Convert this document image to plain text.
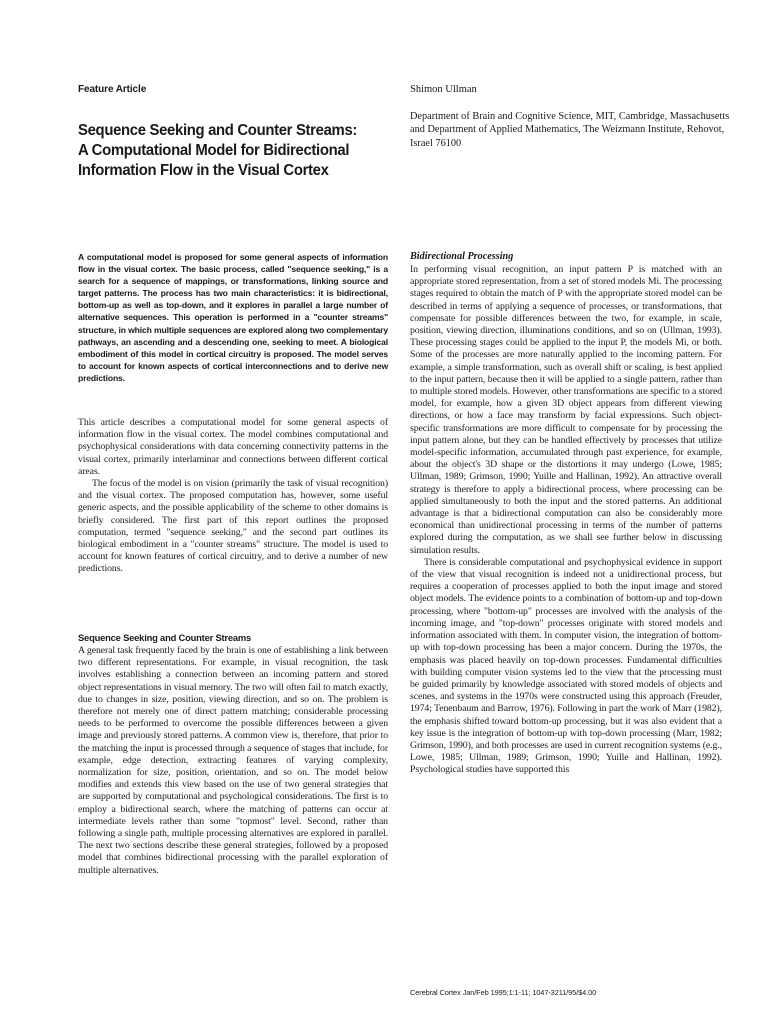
Feature Article
Sequence Seeking and Counter Streams: A Computational Model for Bidirectional Information Flow in the Visual Cortex
Shimon Ullman

Department of Brain and Cognitive Science, MIT, Cambridge, Massachusetts and Department of Applied Mathematics, The Weizmann Institute, Rehovot, Israel 76100

A computational model is proposed for some general aspects of information flow in the visual cortex. The basic process, called "sequence seeking," is a search for a sequence of mappings, or transformations, linking source and target patterns. The process has two main characteristics: it is bidirectional, bottom-up as well as top-down, and it explores in parallel a large number of alternative sequences. This operation is performed in a "counter streams" structure, in which multiple sequences are explored along two complementary pathways, an ascending and a descending one, seeking to meet. A biological embodiment of this model in cortical circuitry is proposed. The model serves to account for known aspects of cortical interconnections and to derive new predictions.

This article describes a computational model for some general aspects of information flow in the visual cortex. The model combines computational and psychophysical considerations with data concerning connectivity patterns in the visual cortex, primarily interlaminar and connections between different cortical areas.

The focus of the model is on vision (primarily the task of visual recognition) and the visual cortex. The proposed computation has, however, some useful generic aspects, and the possible applicability of the scheme to other domains is briefly considered. The first part of this report outlines the proposed computation, termed "sequence seeking," and the second part outlines its biological embodiment in a "counter streams" structure. The model is used to account for known features of cortical circuitry, and to derive a number of new predictions.

Sequence Seeking and Counter Streams

A general task frequently faced by the brain is one of establishing a link between two different representations. For example, in visual recognition, the task involves establishing a connection between an incoming pattern and stored object representations in visual memory. The two will often fail to match exactly, due to changes in size, position, viewing direction, and so on. The problem is therefore not merely one of direct pattern matching; considerable processing needs to be performed to overcome the possible differences between a given image and previously stored patterns. A common view is, therefore, that prior to the matching the input is processed through a sequence of stages that include, for example, edge detection, extracting features of varying complexity, normalization for size, position, orientation, and so on. The model below modifies and extends this view based on the use of two general strategies that are supported by computational and psychological considerations. The first is to employ a bidirectional search, where the matching of patterns can occur at intermediate levels rather than some "topmost" level. Second, rather than following a single path, multiple processing alternatives are explored in parallel. The next two sections describe these general strategies, followed by a proposed model that combines bidirectional processing with the parallel exploration of multiple alternatives.

Bidirectional Processing

In performing visual recognition, an input pattern P is matched with an appropriate stored representation, from a set of stored models Mi. The processing stages required to obtain the match of P with the appropriate stored model can be described in terms of applying a sequence of processes, or transformations, that compensate for possible differences between the two, for example, in scale, position, viewing direction, illuminations conditions, and so on (Ullman, 1993). These processing stages could be applied to the input P, the models Mi, or both. Some of the processes are more naturally applied to the incoming pattern. For example, a simple transformation, such as overall shift or scaling, is best applied to the input pattern, because then it will be applied to a single pattern, rather than to multiple stored models. However, other transformations are specific to a stored model, for example, how a given 3D object appears from different viewing directions, or how a face may transform by facial expressions. Such object-specific transformations are more difficult to compensate for by processing the input pattern alone, but they can be handled effectively by processes that utilize model-specific information, accumulated through past experience, for example, about the object's 3D shape or the distortions it may undergo (Lowe, 1985; Ullman, 1989; Grimson, 1990; Yuille and Hallinan, 1992). An attractive overall strategy is therefore to apply a bidirectional process, where processing can be applied simultaneously to both the input and the stored patterns. An additional advantage is that a bidirectional computation can also be considerably more economical than unidirectional processing in terms of the number of patterns explored during the computation, as we shall see further below in discussing simulation results.

There is considerable computational and psychophysical evidence in support of the view that visual recognition is indeed not a unidirectional process, but requires a cooperation of processes applied to both the input image and stored object models. The evidence points to a combination of bottom-up and top-down processing, where "bottom-up" processes are involved with the analysis of the incoming image, and "top-down" processes originate with stored models and information associated with them. In computer vision, the integration of bottom-up with top-down processing has been a major concern. During the 1970s, the emphasis was placed heavily on top-down processes. Fundamental difficulties with building computer vision systems led to the view that the processing must be guided primarily by knowledge associated with stored models of objects and scenes, and systems in the 1970s were constructed using this approach (Freuder, 1974; Tenenbaum and Barrow, 1976). Following in part the work of Marr (1982), the emphasis shifted toward bottom-up processing, but it was also evident that a key issue is the integration of bottom-up with top-down processing (Marr, 1982; Grimson, 1990), and both processes are used in current recognition systems (e.g., Lowe, 1985; Ullman, 1989; Grimson, 1990; Yuille and Hallinan, 1992). Psychological studies have supported this

Cerebral Cortex Jan/Feb 1995;1:1-11; 1047-3211/95/$4.00
